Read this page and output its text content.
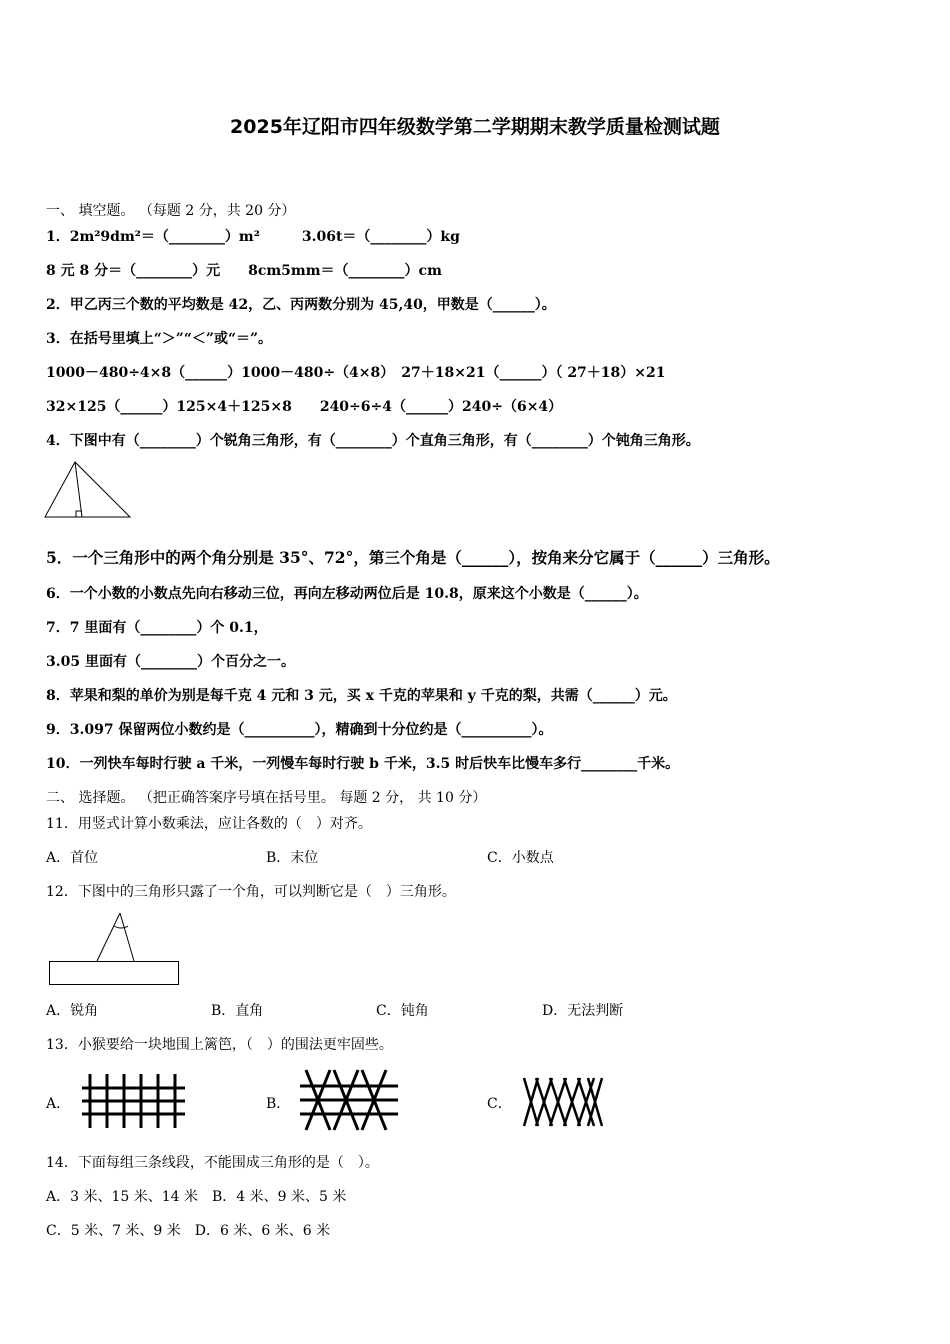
2025年辽阳市四年级数学第二学期期末教学质量检测试题
一、 填空题。 （每题 2 分，共 20 分）
1．2m²9dm²＝（________）m²　　　3.06t＝（________）kg
8 元 8 分＝（________）元　　8cm5mm＝（________）cm
2．甲乙丙三个数的平均数是 42，乙、丙两数分别为 45,40，甲数是（______）。
3．在括号里填上“＞”“＜”或“＝”。
1000－480÷4×8（______）1000－480÷（4×8）　27＋18×21（______）（ 27＋18）×21
32×125（______）125×4＋125×8　　240÷6÷4（______）240÷（6×4）
4．下图中有（________）个锐角三角形，有（________）个直角三角形，有（________）个钝角三角形。
5．一个三角形中的两个角分别是 35°、72°，第三个角是（______），按角来分它属于（______）三角形。
6．一个小数的小数点先向右移动三位，再向左移动两位后是 10.8，原来这个小数是（______）。
7．7 里面有（________）个 0.1，
3.05 里面有（________）个百分之一。
8．苹果和梨的单价为别是每千克 4 元和 3 元，买 x 千克的苹果和 y 千克的梨，共需（______）元。
9．3.097 保留两位小数约是（__________），精确到十分位约是（__________）。
10．一列快车每时行驶 a 千米，一列慢车每时行驶 b 千米，3.5 时后快车比慢车多行________千米。
二、 选择题。 （把正确答案序号填在括号里。 每题 2 分， 共 10 分）
11．用竖式计算小数乘法，应让各数的（　）对齐。
A．首位	B．末位	C．小数点
12．下图中的三角形只露了一个角，可以判断它是（　）三角形。
A．锐角	B．直角	C．钝角	D．无法判断
13．小猴要给一块地围上篱笆，（　）的围法更牢固些。
A．	B．	C．
14．下面每组三条线段，不能围成三角形的是（　）。
A．3 米、15 米、14 米　B．4 米、9 米、5 米
C．5 米、7 米、9 米　D．6 米、6 米、6 米
